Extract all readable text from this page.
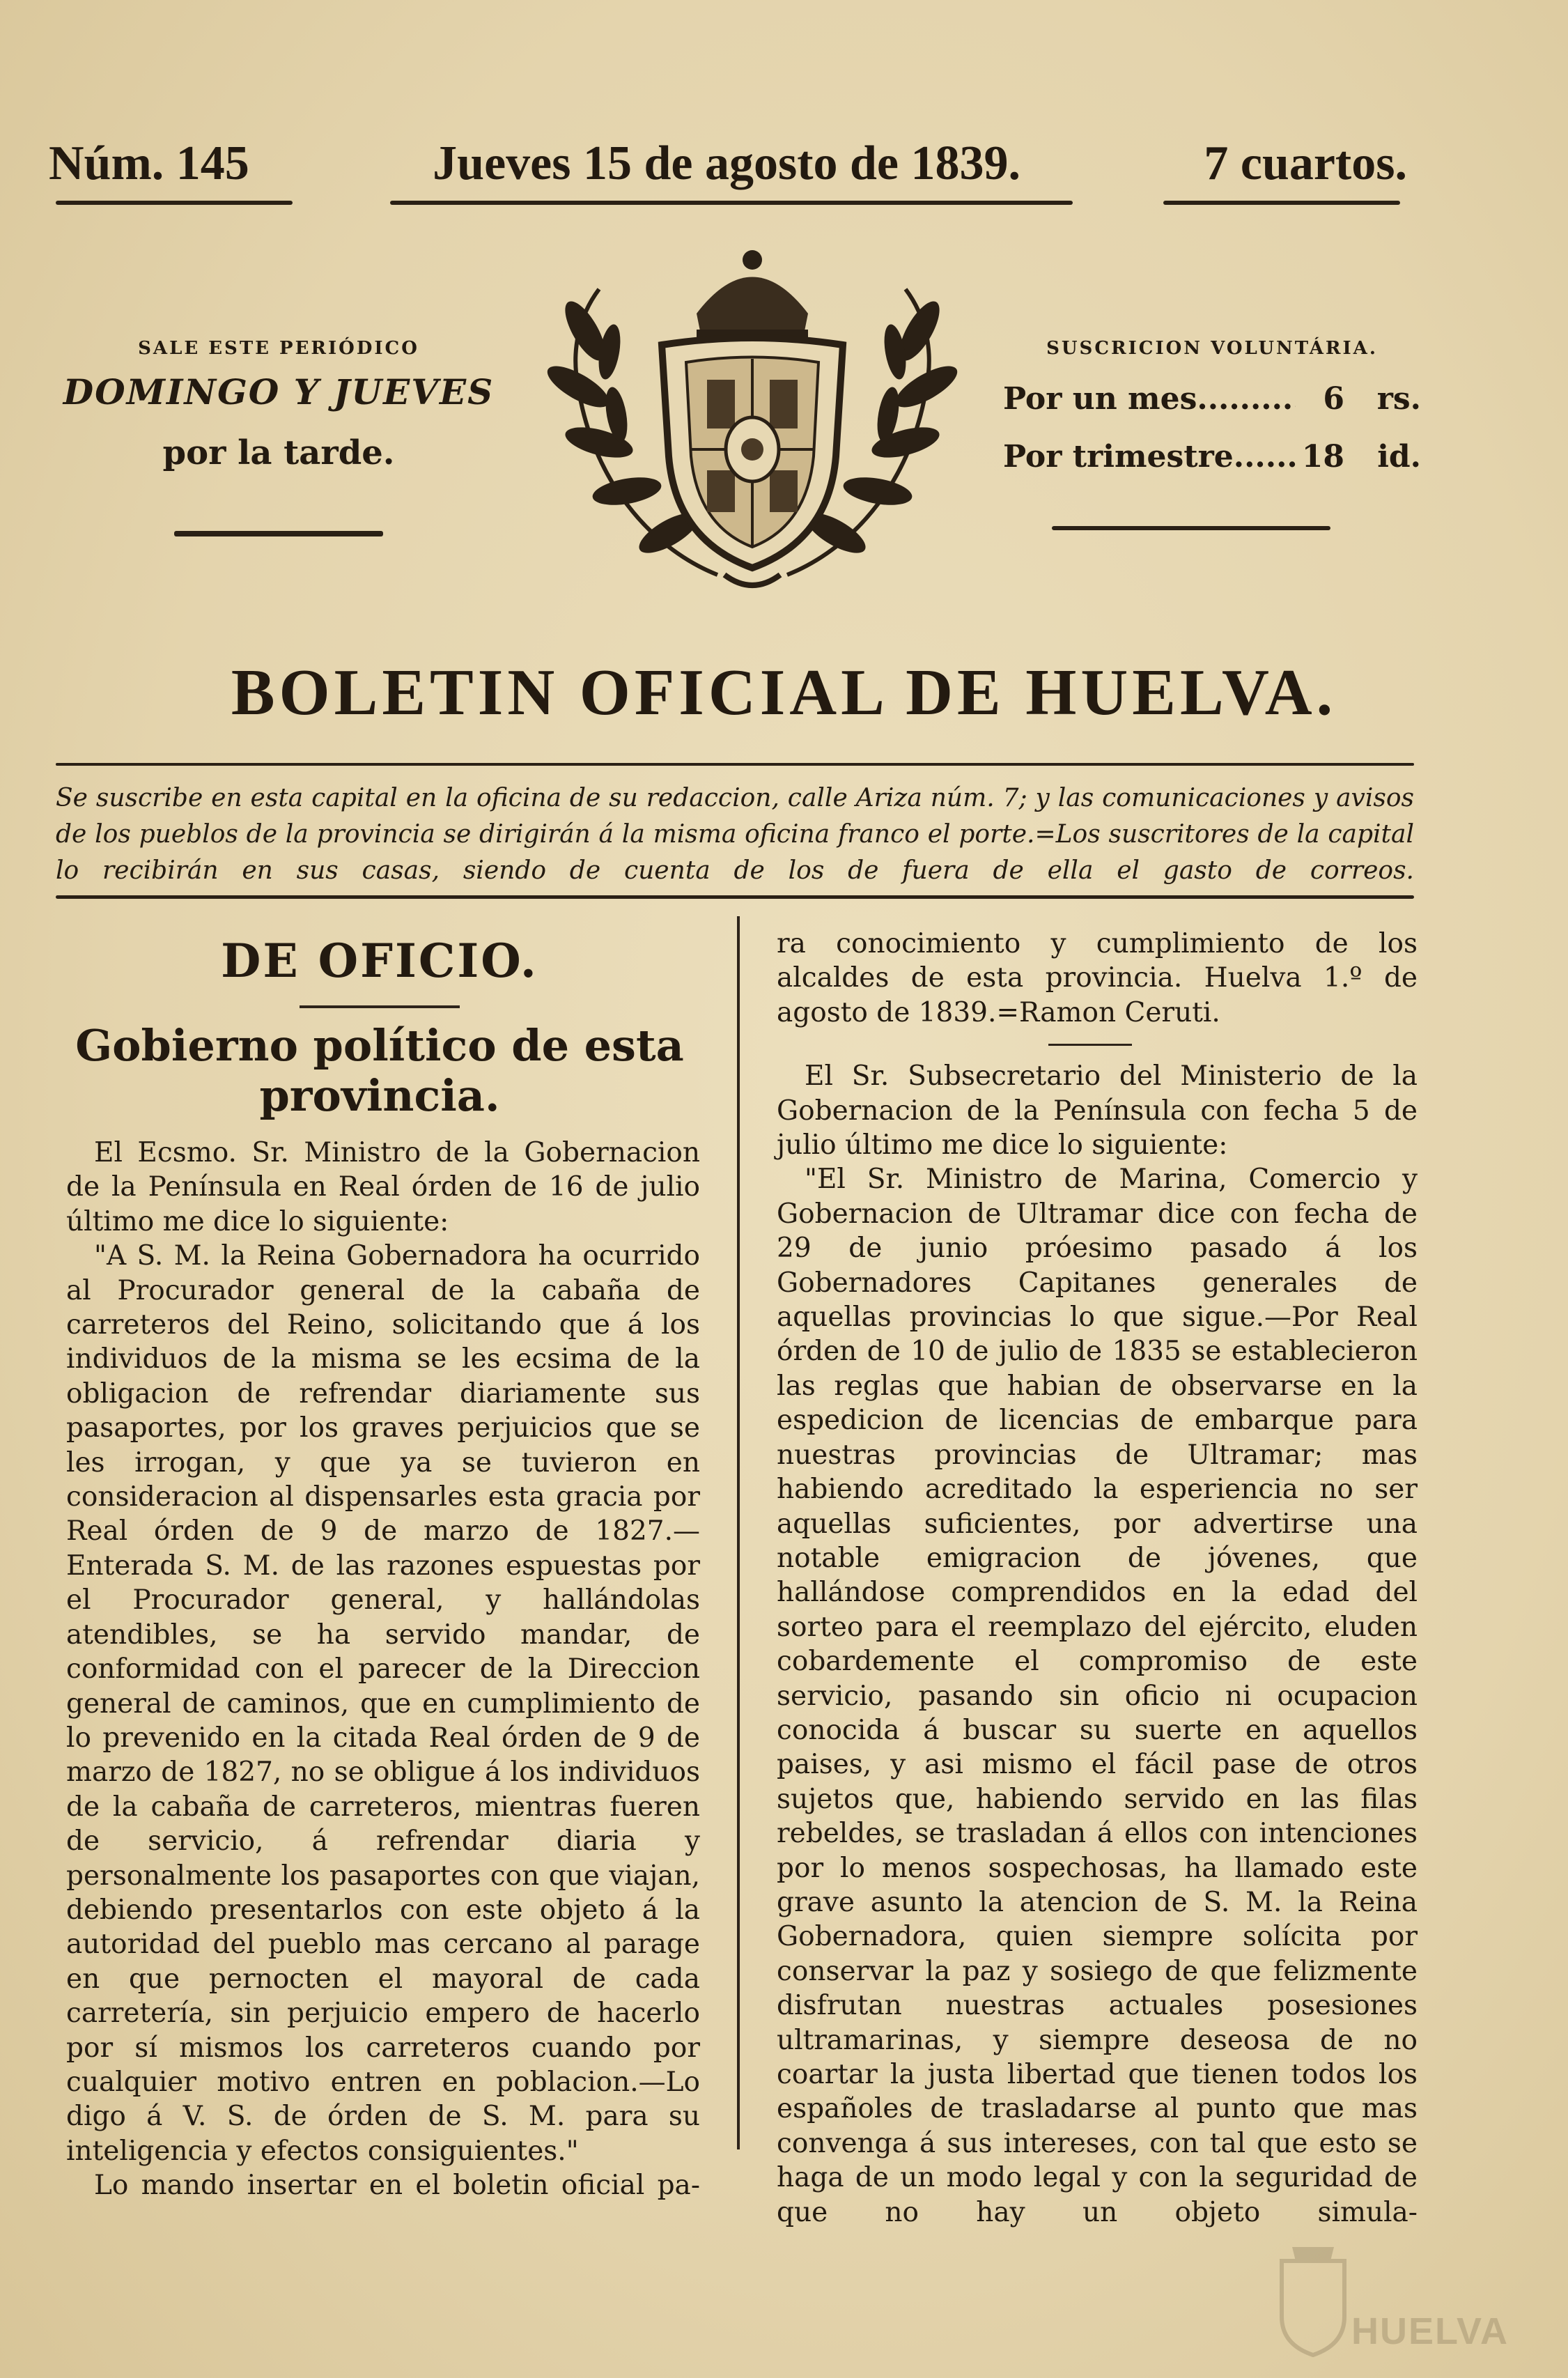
Núm. 145	Jueves 15 de agosto de 1839.	7 cuartos.
SALE ESTE PERIÓDICO
DOMINGO Y JUEVES
por la tarde.
SUSCRICION VOLUNTÁRIA.
Por un mes .....	6	rs.
Por trimestre ..... 18	id.
BOLETIN OFICIAL DE HUELVA.
Se suscribe en esta capital en la oficina de su redaccion, calle Ariza núm. 7; y las comunicaciones y avisos de los pueblos de la provincia se dirigirán á la misma oficina franco el porte.=Los suscritores de la capital lo recibirán en sus casas, siendo de cuenta de los de fuera de ella el gasto de correos.
DE OFICIO.
Gobierno político de esta provincia.

El Ecsmo. Sr. Ministro de la Gobernacion de la Península en Real órden de 16 de julio último me dice lo siguiente:

"A S. M. la Reina Gobernadora ha ocurrido al Procurador general de la cabaña de carreteros del Reino, solicitando que á los individuos de la misma se les ecsima de la obligacion de refrendar diariamente sus pasaportes, por los graves perjuicios que se les irrogan, y que ya se tuvieron en consideracion al dispensarles esta gracia por Real órden de 9 de marzo de 1827.—Enterada S. M. de las razones espuestas por el Procurador general, y hallándolas atendibles, se ha servido mandar, de conformidad con el parecer de la Direccion general de caminos, que en cumplimiento de lo prevenido en la citada Real órden de 9 de marzo de 1827, no se obligue á los individuos de la cabaña de carreteros, mientras fueren de servicio, á refrendar diaria y personalmente los pasaportes con que viajan, debiendo presentarlos con este objeto á la autoridad del pueblo mas cercano al parage en que pernocten el mayoral de cada carretería, sin perjuicio empero de hacerlo por sí mismos los carreteros cuando por cualquier motivo entren en poblacion.—Lo digo á V. S. de órden de S. M. para su inteligencia y efectos consiguientes."

Lo mando insertar en el boletin oficial pa-

ra conocimiento y cumplimiento de los alcaldes de esta provincia. Huelva 1.º de agosto de 1839.=Ramon Ceruti.

El Sr. Subsecretario del Ministerio de la Gobernacion de la Península con fecha 5 de julio último me dice lo siguiente:

"El Sr. Ministro de Marina, Comercio y Gobernacion de Ultramar dice con fecha de 29 de junio próesimo pasado á los Gobernadores Capitanes generales de aquellas provincias lo que sigue.—Por Real órden de 10 de julio de 1835 se establecieron las reglas que habian de observarse en la espedicion de licencias de embarque para nuestras provincias de Ultramar; mas habiendo acreditado la esperiencia no ser aquellas suficientes, por advertirse una notable emigracion de jóvenes, que hallándose comprendidos en la edad del sorteo para el reemplazo del ejército, eluden cobardemente el compromiso de este servicio, pasando sin oficio ni ocupacion conocida á buscar su suerte en aquellos paises, y asi mismo el fácil pase de otros sujetos que, habiendo servido en las filas rebeldes, se trasladan á ellos con intenciones por lo menos sospechosas, ha llamado este grave asunto la atencion de S. M. la Reina Gobernadora, quien siempre solícita por conservar la paz y sosiego de que felizmente disfrutan nuestras actuales posesiones ultramarinas, y siempre deseosa de no coartar la justa libertad que tienen todos los españoles de trasladarse al punto que mas convenga á sus intereses, con tal que esto se haga de un modo legal y con la seguridad de que no hay un objeto simula-

HUELVA
